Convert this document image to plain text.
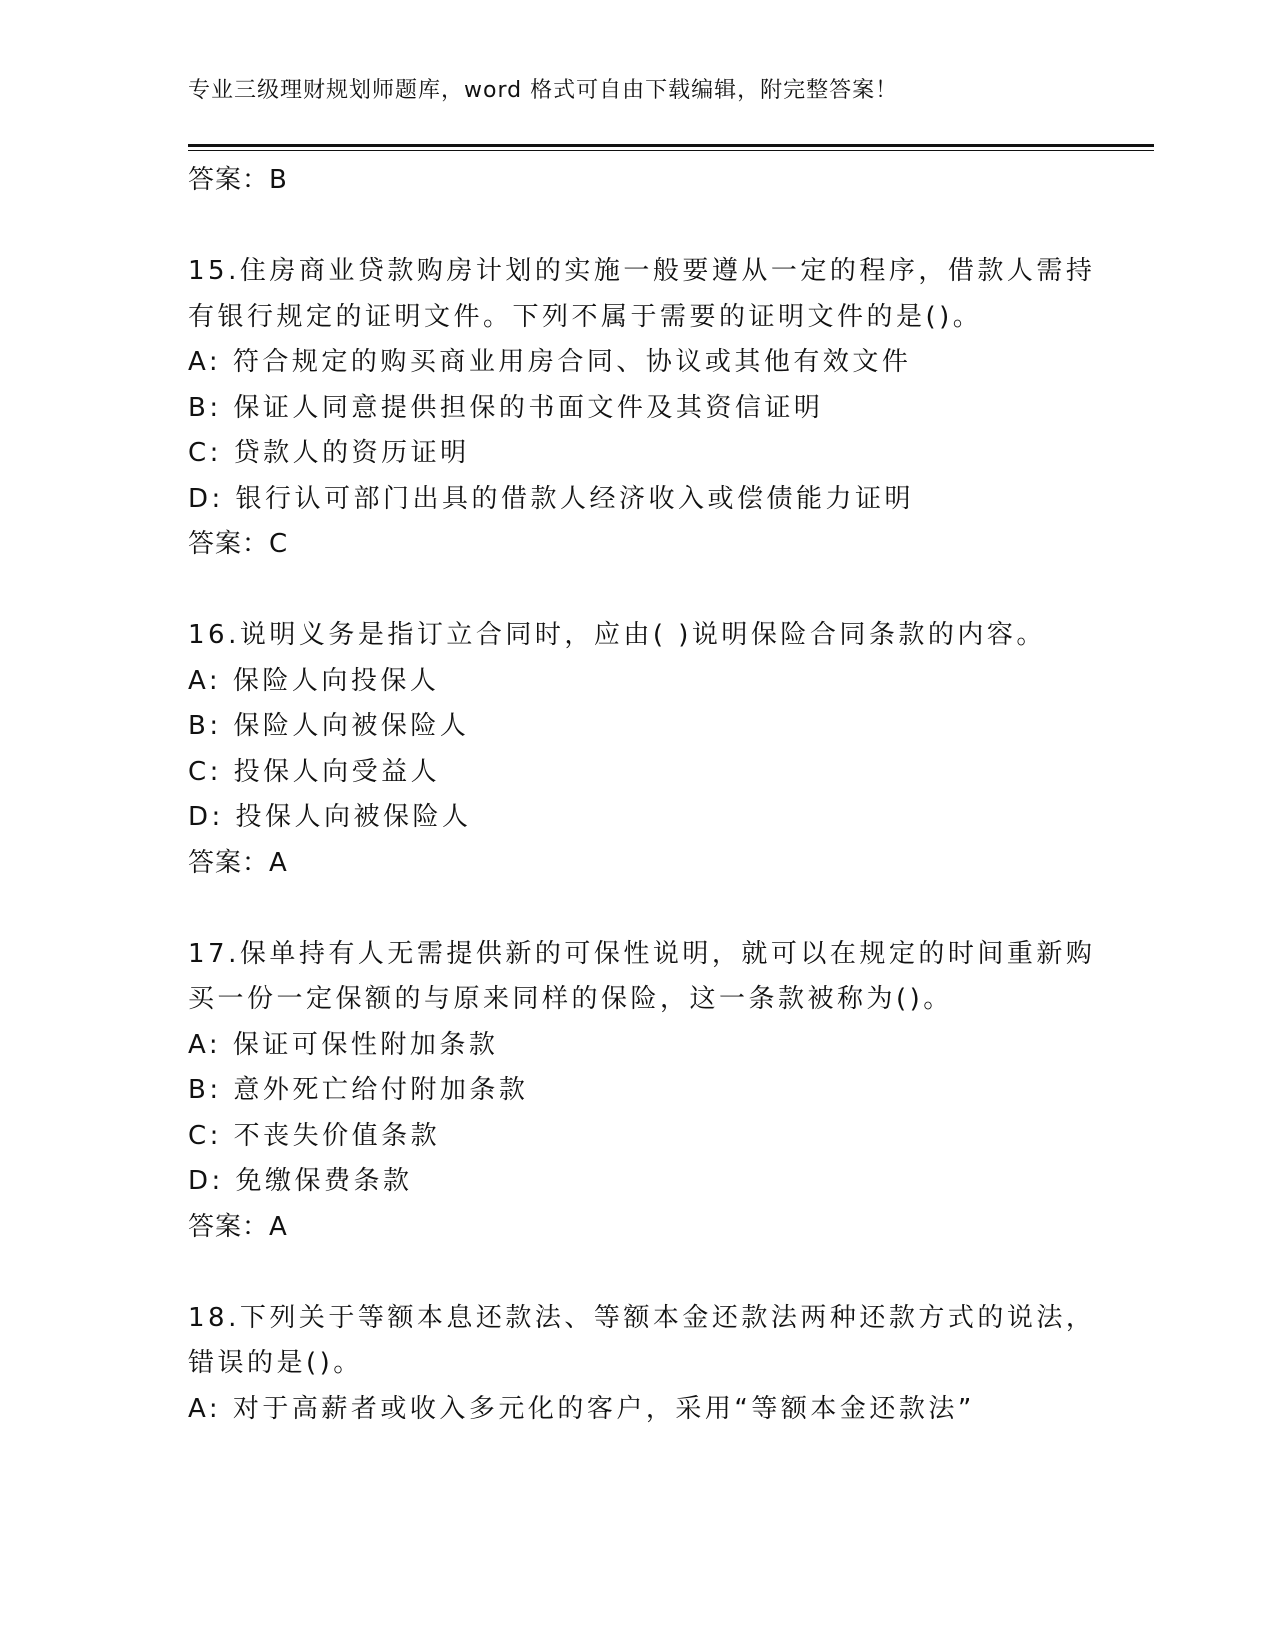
专业三级理财规划师题库，word 格式可自由下载编辑，附完整答案！
答案：B
15.住房商业贷款购房计划的实施一般要遵从一定的程序，借款人需持
有银行规定的证明文件。下列不属于需要的证明文件的是()。
A: 符合规定的购买商业用房合同、协议或其他有效文件
B: 保证人同意提供担保的书面文件及其资信证明
C: 贷款人的资历证明
D: 银行认可部门出具的借款人经济收入或偿债能力证明
答案：C
16.说明义务是指订立合同时，应由( )说明保险合同条款的内容。
A: 保险人向投保人
B: 保险人向被保险人
C: 投保人向受益人
D: 投保人向被保险人
答案：A
17.保单持有人无需提供新的可保性说明，就可以在规定的时间重新购
买一份一定保额的与原来同样的保险，这一条款被称为()。
A: 保证可保性附加条款
B: 意外死亡给付附加条款
C: 不丧失价值条款
D: 免缴保费条款
答案：A
18.下列关于等额本息还款法、等额本金还款法两种还款方式的说法，
错误的是()。
A: 对于高薪者或收入多元化的客户，采用“等额本金还款法”
